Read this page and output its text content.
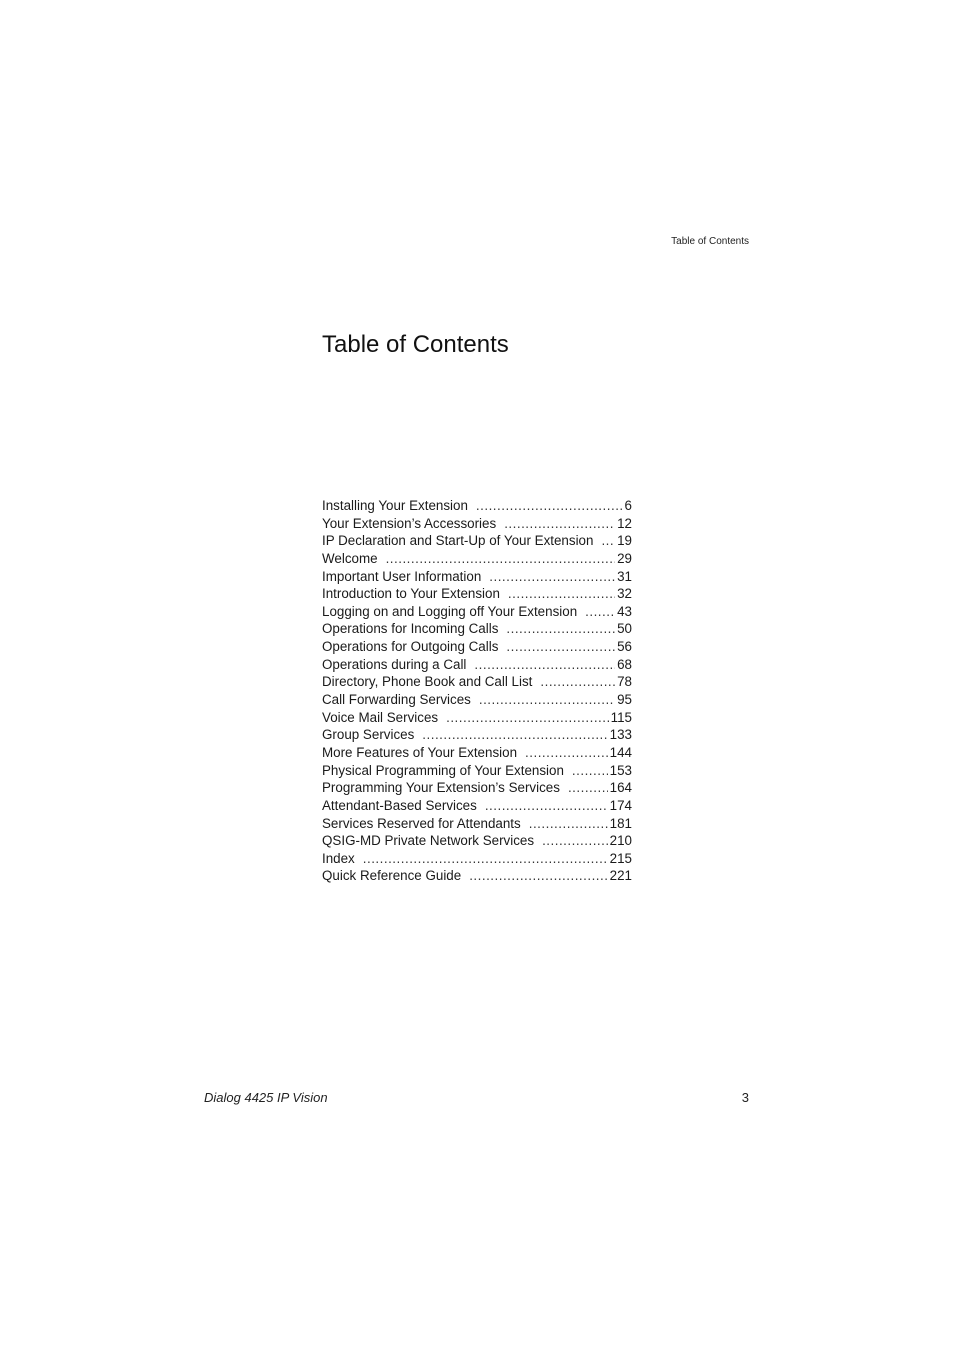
Table of Contents
Table of Contents
Installing Your Extension .....	6
Your Extension’s Accessories .....	12
IP Declaration and Start-Up of Your Extension ..... 19
Welcome .....	29
Important User Information .....	31
Introduction to Your Extension .....	32
Logging on and Logging off Your Extension .....	43
Operations for Incoming Calls .....	50
Operations for Outgoing Calls .....	56
Operations during a Call .....	68
Directory, Phone Book and Call List .....	78
Call Forwarding Services .....	95
Voice Mail Services .....	115
Group Services .....	133
More Features of Your Extension .....	144
Physical Programming of Your Extension .....	153
Programming Your Extension’s Services .....	164
Attendant-Based Services .....	174
Services Reserved for Attendants .....	181
QSIG-MD Private Network Services .....	210
Index .....	215
Quick Reference Guide .....	221
Dialog 4425 IP Vision	3
